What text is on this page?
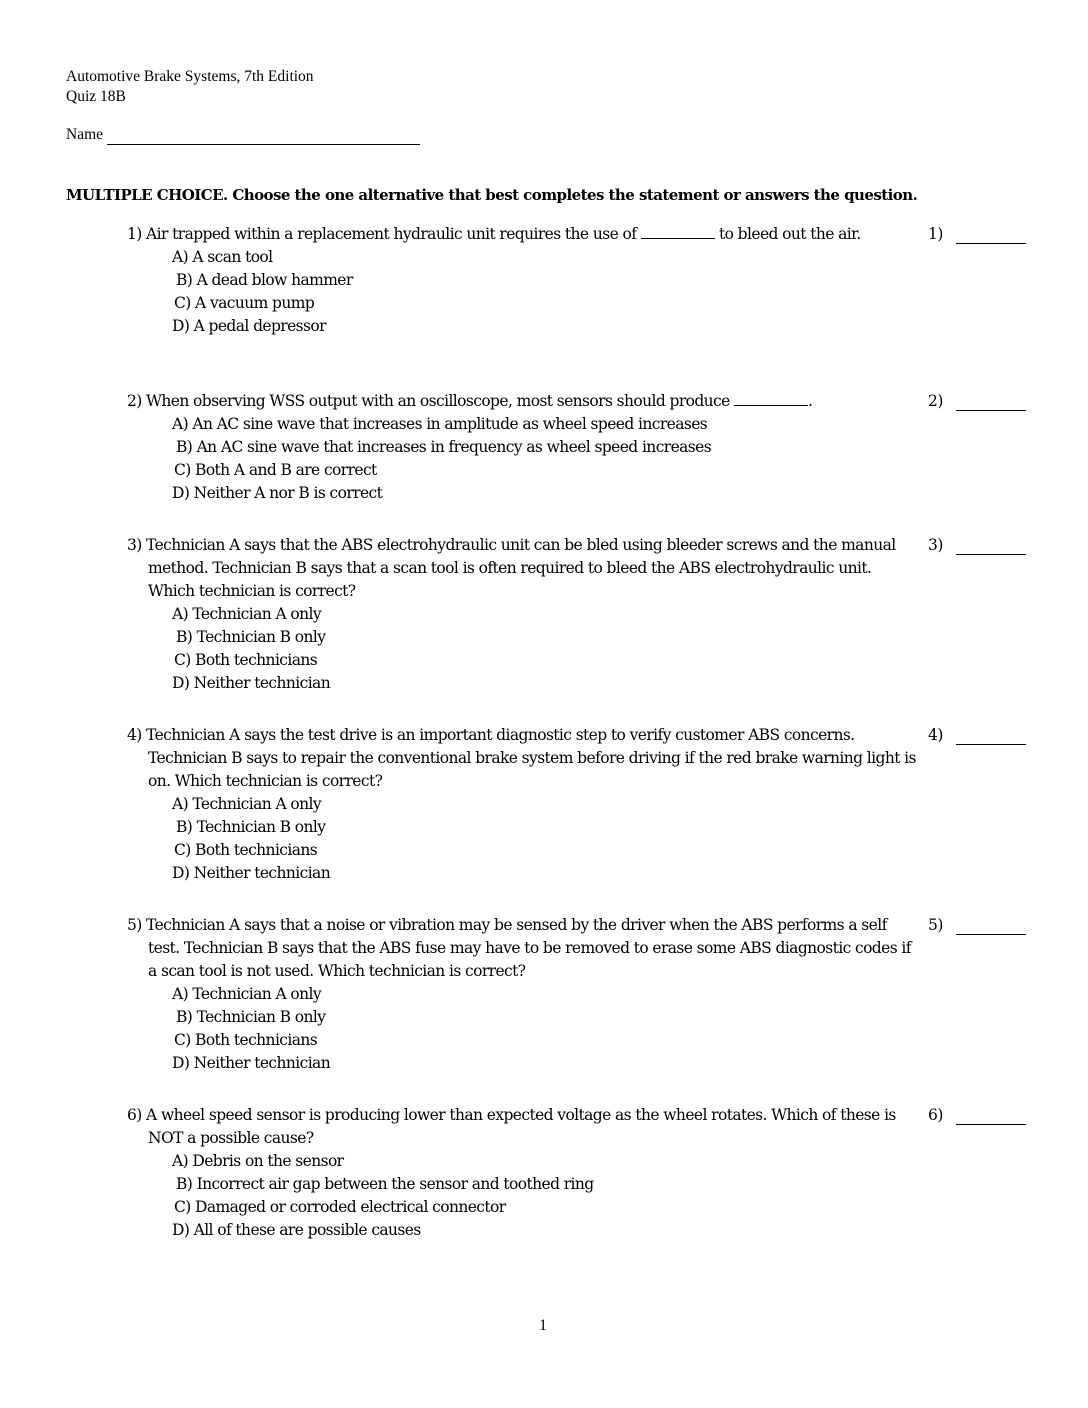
Automotive Brake Systems, 7th Edition
Quiz 18B
Name
MULTIPLE CHOICE. Choose the one alternative that best completes the statement or answers the question.
1) Air trapped within a replacement hydraulic unit requires the use of	to bleed out the air.
A) A scan tool
B) A dead blow hammer
C) A vacuum pump
D) A pedal depressor
1)
2) When observing WSS output with an oscilloscope, most sensors should produce	.
A) An AC sine wave that increases in amplitude as wheel speed increases
B) An AC sine wave that increases in frequency as wheel speed increases
C) Both A and B are correct
D) Neither A nor B is correct
2)
3) Technician A says that the ABS electrohydraulic unit can be bled using bleeder screws and the manual method. Technician B says that a scan tool is often required to bleed the ABS electrohydraulic unit. Which technician is correct?
A) Technician A only
B) Technician B only
C) Both technicians
D) Neither technician
3)
4) Technician A says the test drive is an important diagnostic step to verify customer ABS concerns. Technician B says to repair the conventional brake system before driving if the red brake warning light is on. Which technician is correct?
A) Technician A only
B) Technician B only
C) Both technicians
D) Neither technician
4)
5) Technician A says that a noise or vibration may be sensed by the driver when the ABS performs a self test. Technician B says that the ABS fuse may have to be removed to erase some ABS diagnostic codes if a scan tool is not used. Which technician is correct?
A) Technician A only
B) Technician B only
C) Both technicians
D) Neither technician
5)
6) A wheel speed sensor is producing lower than expected voltage as the wheel rotates. Which of these is NOT a possible cause?
A) Debris on the sensor
B) Incorrect air gap between the sensor and toothed ring
C) Damaged or corroded electrical connector
D) All of these are possible causes
6)
1
